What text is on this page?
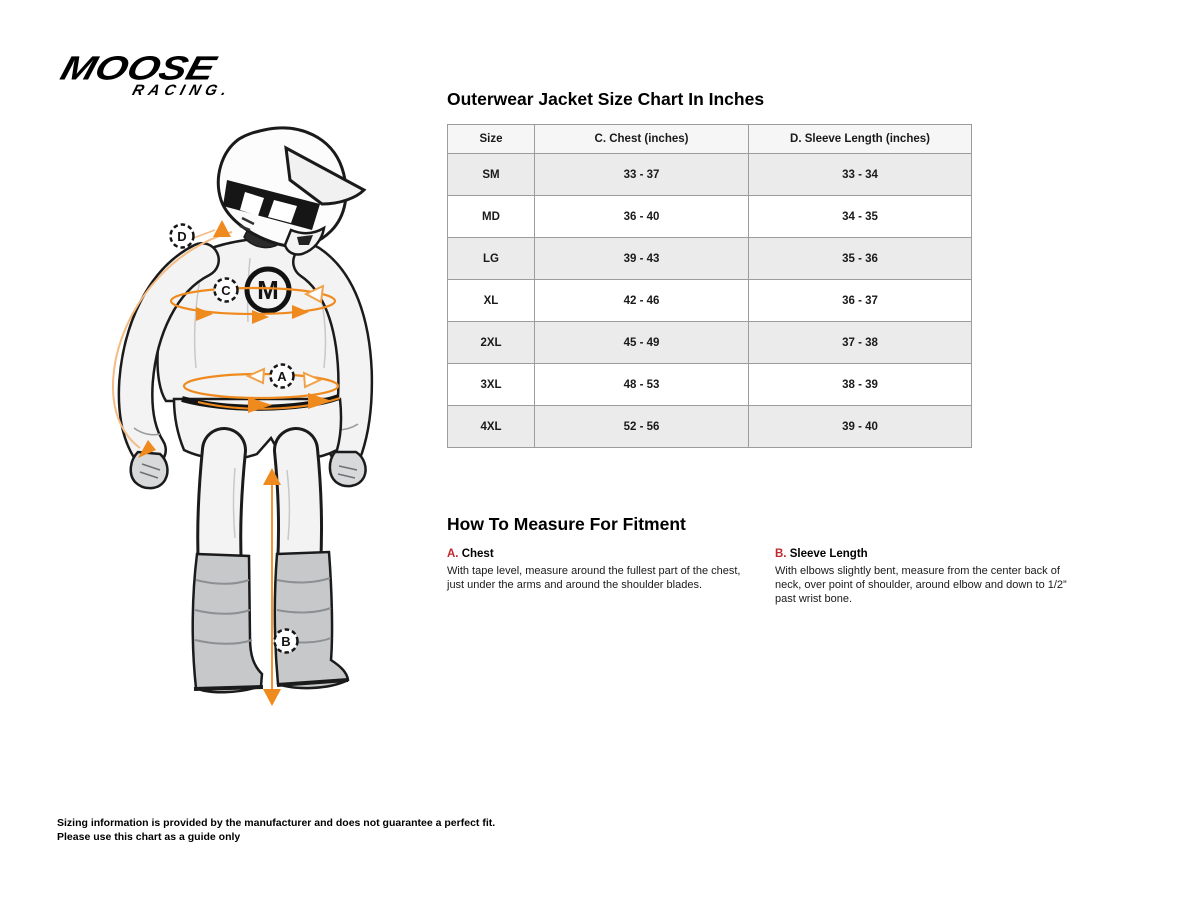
MOOSE
RACING.
M
D
C
A
B
Outerwear Jacket Size Chart In Inches
Size	C. Chest (inches)	D. Sleeve Length (inches)
SM	33 - 37	33 - 34
MD	36 - 40	34 - 35
LG	39 - 43	35 - 36
XL	42 - 46	36 - 37
2XL	45 - 49	37 - 38
3XL	48 - 53	38 - 39
4XL	52 - 56	39 - 40
How To Measure For Fitment
A. Chest
With tape level, measure around the fullest part of the chest, just under the arms and around the shoulder blades.
B. Sleeve Length
With elbows slightly bent, measure from the center back of neck, over point of shoulder, around elbow and down to 1/2” past wrist bone.
Sizing information is provided by the manufacturer and does not guarantee a perfect fit.
Please use this chart as a guide only
